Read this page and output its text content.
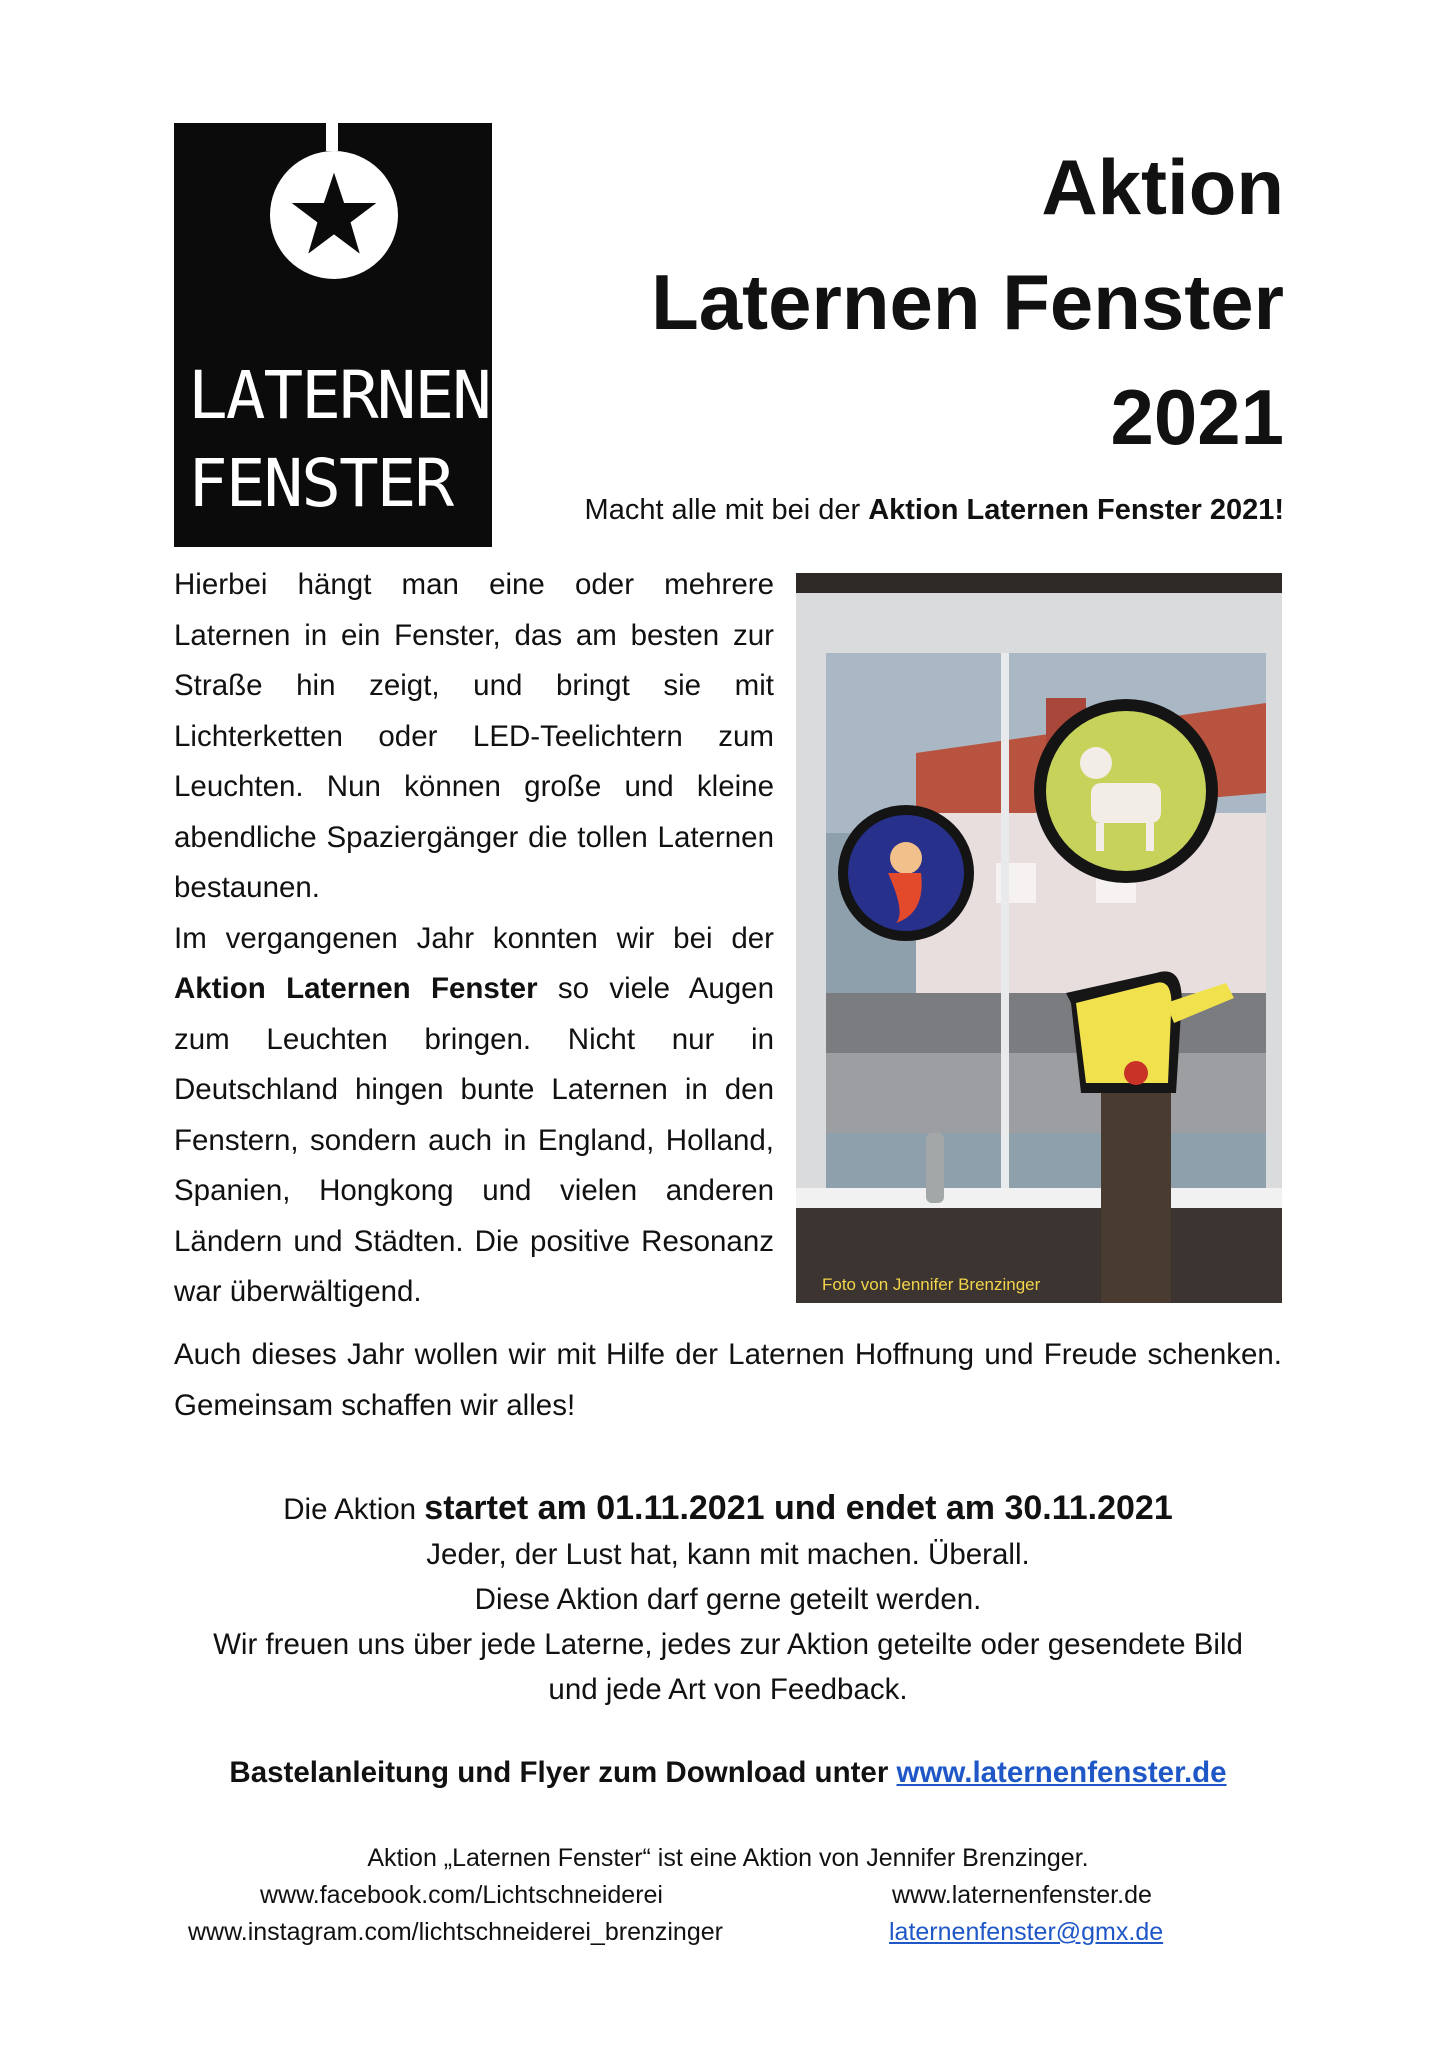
LATERNEN
FENSTER
Aktion
Laternen Fenster
2021
Macht alle mit bei der Aktion Laternen Fenster 2021!

Hierbei hängt man eine oder mehrere Laternen in ein Fenster, das am besten zur Straße hin zeigt, und bringt sie mit Lichterketten oder LED-Teelichtern zum Leuchten. Nun können große und kleine abendliche Spaziergänger die tollen Laternen bestaunen.

Im vergangenen Jahr konnten wir bei der Aktion Laternen Fenster so viele Augen zum Leuchten bringen. Nicht nur in Deutschland hingen bunte Laternen in den Fenstern, sondern auch in England, Holland, Spanien, Hongkong und vielen anderen Ländern und Städten. Die positive Resonanz war überwältigend.	Foto von Jennifer Brenzinger

Auch dieses Jahr wollen wir mit Hilfe der Laternen Hoffnung und Freude schenken. Gemeinsam schaffen wir alles!

Die Aktion startet am 01.11.2021 und endet am 30.11.2021
Jeder, der Lust hat, kann mit machen. Überall.
Diese Aktion darf gerne geteilt werden.
Wir freuen uns über jede Laterne, jedes zur Aktion geteilte oder gesendete Bild
und jede Art von Feedback.
Bastelanleitung und Flyer zum Download unter www.laternenfenster.de
Aktion „Laternen Fenster“ ist eine Aktion von Jennifer Brenzinger.
www.facebook.com/Lichtschneiderei	www.laternenfenster.de
www.instagram.com/lichtschneiderei_brenzinger	laternenfenster@gmx.de
